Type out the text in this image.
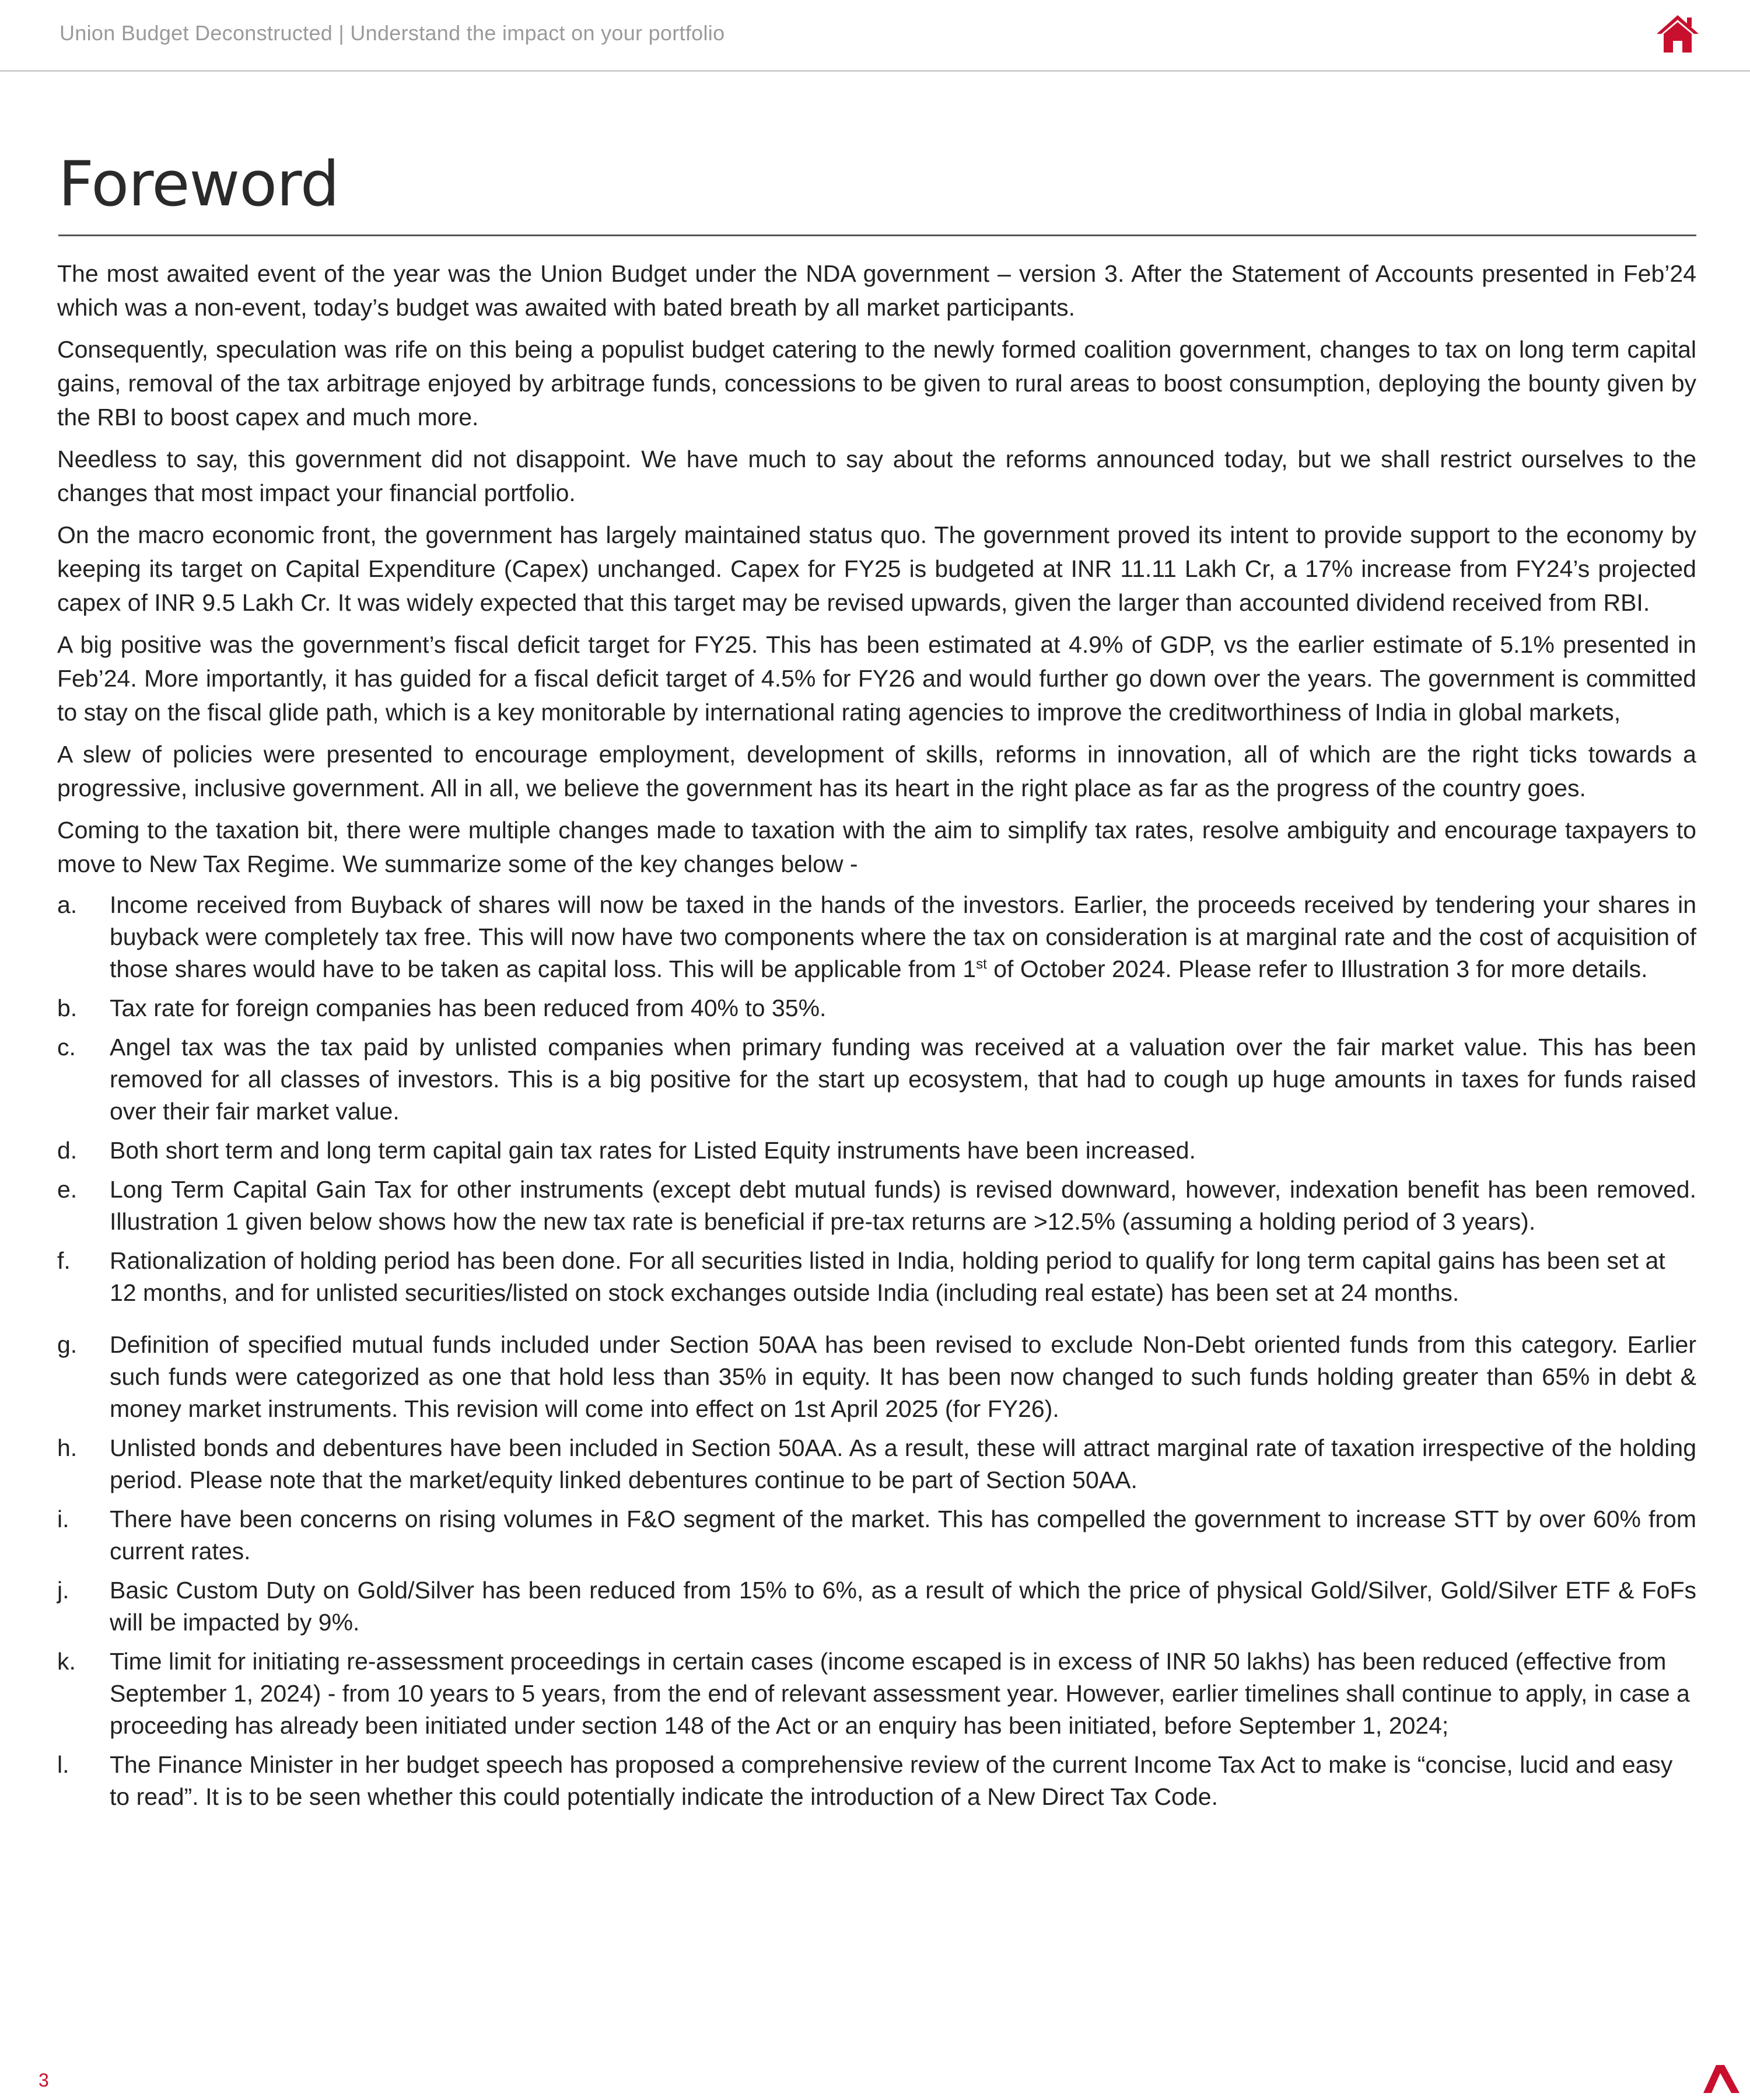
Union Budget Deconstructed | Understand the impact on your portfolio
Foreword

The most awaited event of the year was the Union Budget under the NDA government – version 3. After the Statement of Accounts presented in Feb’24 which was a non-event, today’s budget was awaited with bated breath by all market participants.

Consequently, speculation was rife on this being a populist budget catering to the newly formed coalition government, changes to tax on long term capital gains, removal of the tax arbitrage enjoyed by arbitrage funds, concessions to be given to rural areas to boost consumption, deploying the bounty given by the RBI to boost capex and much more.

Needless to say, this government did not disappoint. We have much to say about the reforms announced today, but we shall restrict ourselves to the changes that most impact your financial portfolio.

On the macro economic front, the government has largely maintained status quo. The government proved its intent to provide support to the economy by keeping its target on Capital Expenditure (Capex) unchanged. Capex for FY25 is budgeted at INR 11.11 Lakh Cr, a 17% increase from FY24’s projected capex of INR 9.5 Lakh Cr. It was widely expected that this target may be revised upwards, given the larger than accounted dividend received from RBI.

A big positive was the government’s fiscal deficit target for FY25. This has been estimated at 4.9% of GDP, vs the earlier estimate of 5.1% presented in Feb’24. More importantly, it has guided for a fiscal deficit target of 4.5% for FY26 and would further go down over the years. The government is committed to stay on the fiscal glide path, which is a key monitorable by international rating agencies to improve the creditworthiness of India in global markets,

A slew of policies were presented to encourage employment, development of skills, reforms in innovation, all of which are the right ticks towards a progressive, inclusive government. All in all, we believe the government has its heart in the right place as far as the progress of the country goes.

Coming to the taxation bit, there were multiple changes made to taxation with the aim to simplify tax rates, resolve ambiguity and encourage taxpayers to move to New Tax Regime. We summarize some of the key changes below -

a. Income received from Buyback of shares will now be taxed in the hands of the investors. Earlier, the proceeds received by tendering your shares in buyback were completely tax free. This will now have two components where the tax on consideration is at marginal rate and the cost of acquisition of those shares would have to be taken as capital loss. This will be applicable from 1st of October 2024. Please refer to Illustration 3 for more details.
b. Tax rate for foreign companies has been reduced from 40% to 35%.
c. Angel tax was the tax paid by unlisted companies when primary funding was received at a valuation over the fair market value. This has been removed for all classes of investors. This is a big positive for the start up ecosystem, that had to cough up huge amounts in taxes for funds raised over their fair market value.
d. Both short term and long term capital gain tax rates for Listed Equity instruments have been increased.
e. Long Term Capital Gain Tax for other instruments (except debt mutual funds) is revised downward, however, indexation benefit has been removed. Illustration 1 given below shows how the new tax rate is beneficial if pre-tax returns are >12.5% (assuming a holding period of 3 years).
f. Rationalization of holding period has been done. For all securities listed in India, holding period to qualify for long term capital gains has been set at 12 months, and for unlisted securities/listed on stock exchanges outside India (including real estate) has been set at 24 months.
g. Definition of specified mutual funds included under Section 50AA has been revised to exclude Non-Debt oriented funds from this category. Earlier such funds were categorized as one that hold less than 35% in equity. It has been now changed to such funds holding greater than 65% in debt & money market instruments. This revision will come into effect on 1st April 2025 (for FY26).
h. Unlisted bonds and debentures have been included in Section 50AA. As a result, these will attract marginal rate of taxation irrespective of the holding period. Please note that the market/equity linked debentures continue to be part of Section 50AA.
i. There have been concerns on rising volumes in F&O segment of the market. This has compelled the government to increase STT by over 60% from current rates.
j. Basic Custom Duty on Gold/Silver has been reduced from 15% to 6%, as a result of which the price of physical Gold/Silver, Gold/Silver ETF & FoFs will be impacted by 9%.
k. Time limit for initiating re-assessment proceedings in certain cases (income escaped is in excess of INR 50 lakhs) has been reduced (effective from September 1, 2024) - from 10 years to 5 years, from the end of relevant assessment year. However, earlier timelines shall continue to apply, in case a proceeding has already been initiated under section 148 of the Act or an enquiry has been initiated, before September 1, 2024;
l. The Finance Minister in her budget speech has proposed a comprehensive review of the current Income Tax Act to make is “concise, lucid and easy to read”. It is to be seen whether this could potentially indicate the introduction of a New Direct Tax Code.
3
